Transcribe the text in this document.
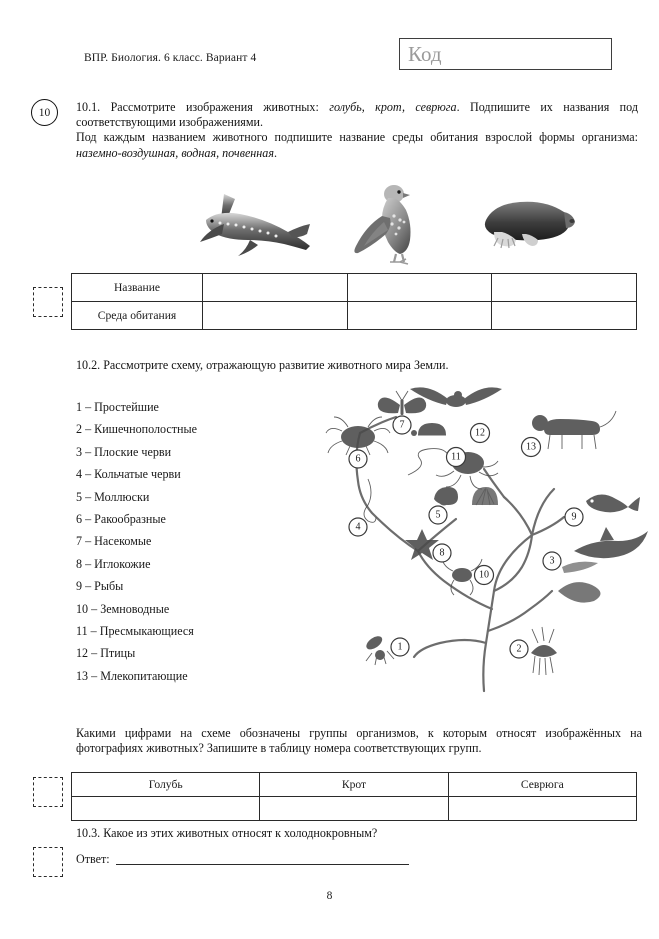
ВПР. Биология. 6 класс. Вариант 4	Код
10	10.1. Рассмотрите изображения животных: голубь, крот, севрюга. Подпишите их названия под соответствующими изображениями.
Под каждым названием животного подпишите название среды обитания взрослой формы организма: наземно-воздушная, водная, почвенная.
Название			
Среда обитания			
10.2. Рассмотрите схему, отражающую развитие животного мира Земли.
1 – Простейшие
2 – Кишечнополостные
3 – Плоские черви
4 – Кольчатые черви
5 – Моллюски
6 – Ракообразные
7 – Насекомые
8 – Иглокожие
9 – Рыбы
10 – Земноводные
11 – Пресмыкающиеся
12 – Птицы
13 – Млекопитающие
1	2
3
4
5
6
7
8
9
10
11
12
13
Какими цифрами на схеме обозначены группы организмов, к которым относят изображённых на фотографиях животных? Запишите в таблицу номера соответствующих групп.
Голубь	Крот	Севрюга

10.3. Какое из этих животных относят к холоднокровным?
Ответ:
8
